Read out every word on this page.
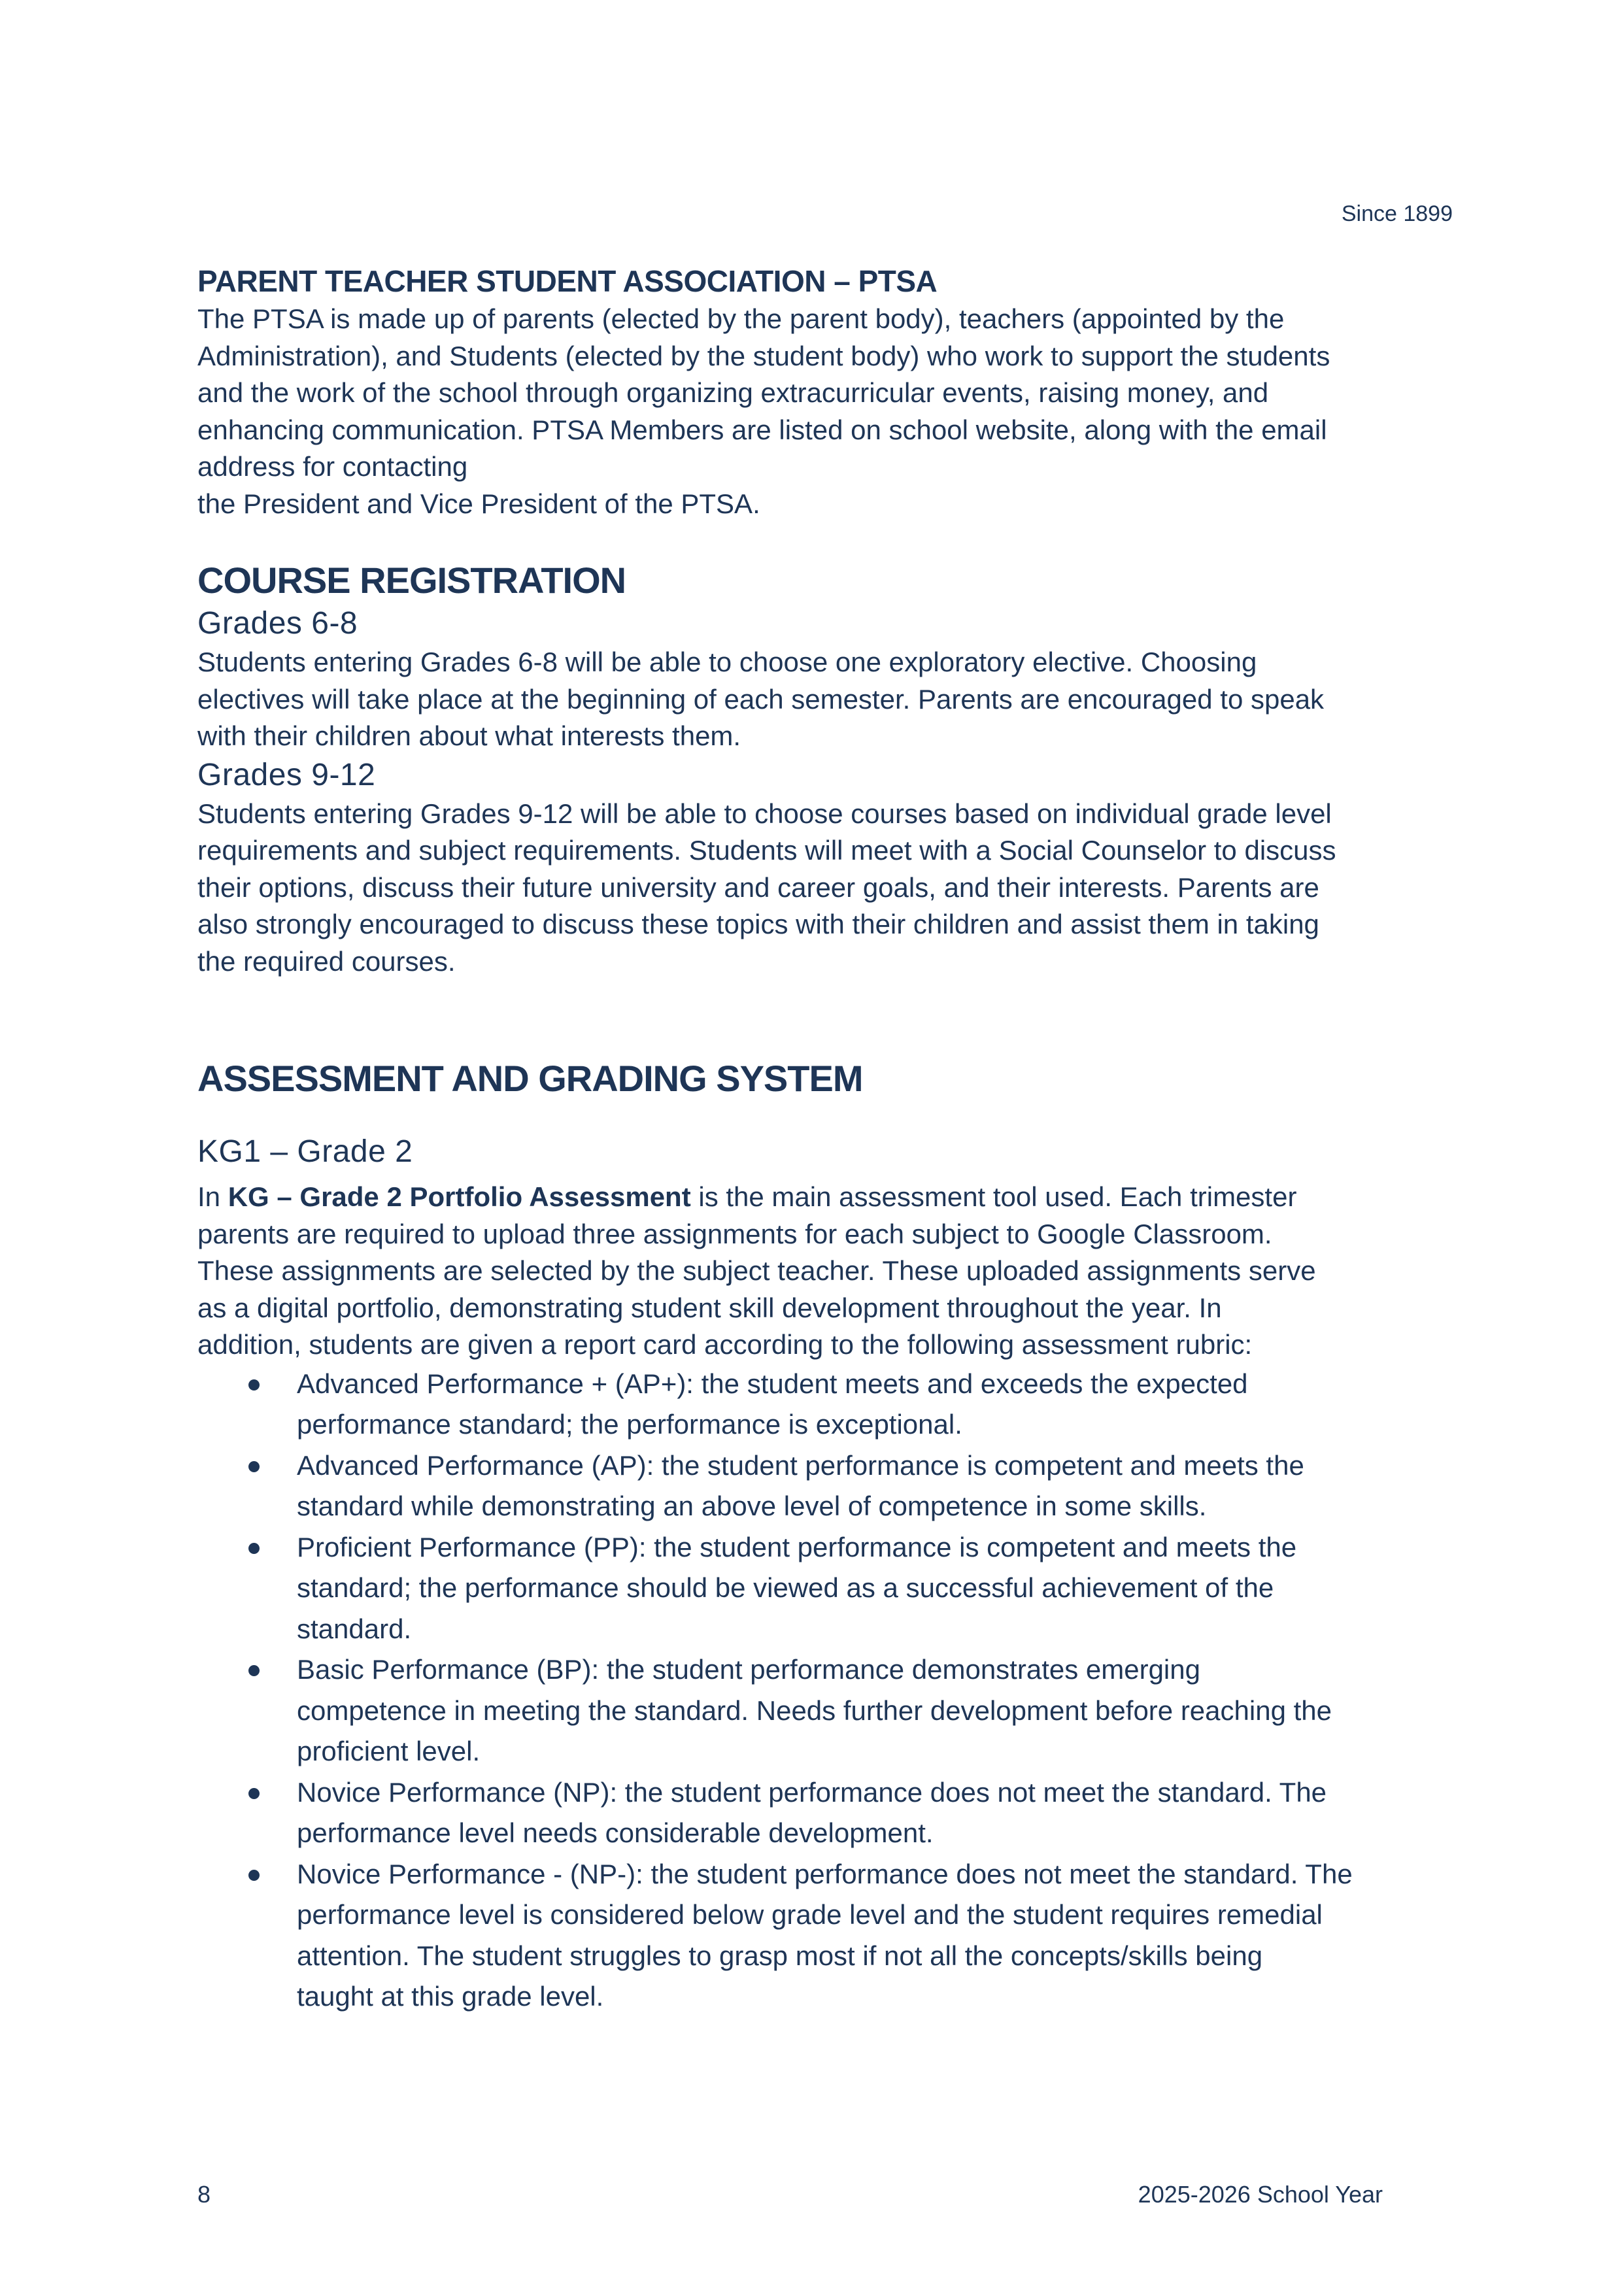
Since 1899
PARENT TEACHER STUDENT ASSOCIATION – PTSA

The PTSA is made up of parents (elected by the parent body), teachers (appointed by the
Administration), and Students (elected by the student body) who work to support the students
and the work of the school through organizing extracurricular events, raising money, and
enhancing communication. PTSA Members are listed on school website, along with the email
address for contacting
the President and Vice President of the PTSA.

COURSE REGISTRATION
Grades 6-8

Students entering Grades 6-8 will be able to choose one exploratory elective. Choosing
electives will take place at the beginning of each semester. Parents are encouraged to speak
with their children about what interests them.

Grades 9-12

Students entering Grades 9-12 will be able to choose courses based on individual grade level
requirements and subject requirements. Students will meet with a Social Counselor to discuss
their options, discuss their future university and career goals, and their interests. Parents are
also strongly encouraged to discuss these topics with their children and assist them in taking
the required courses.

ASSESSMENT AND GRADING SYSTEM
KG1 – Grade 2

In KG – Grade 2 Portfolio Assessment is the main assessment tool used. Each trimester
parents are required to upload three assignments for each subject to Google Classroom.
These assignments are selected by the subject teacher. These uploaded assignments serve
as a digital portfolio, demonstrating student skill development throughout the year. In
addition, students are given a report card according to the following assessment rubric:

Advanced Performance + (AP+): the student meets and exceeds the expected
performance standard; the performance is exceptional.
Advanced Performance (AP): the student performance is competent and meets the
standard while demonstrating an above level of competence in some skills.
Proficient Performance (PP): the student performance is competent and meets the
standard; the performance should be viewed as a successful achievement of the
standard.
Basic Performance (BP): the student performance demonstrates emerging
competence in meeting the standard. Needs further development before reaching the
proficient level.
Novice Performance (NP): the student performance does not meet the standard. The
performance level needs considerable development.
Novice Performance - (NP-): the student performance does not meet the standard. The
performance level is considered below grade level and the student requires remedial
attention. The student struggles to grasp most if not all the concepts/skills being
taught at this grade level.
8	2025-2026 School Year
